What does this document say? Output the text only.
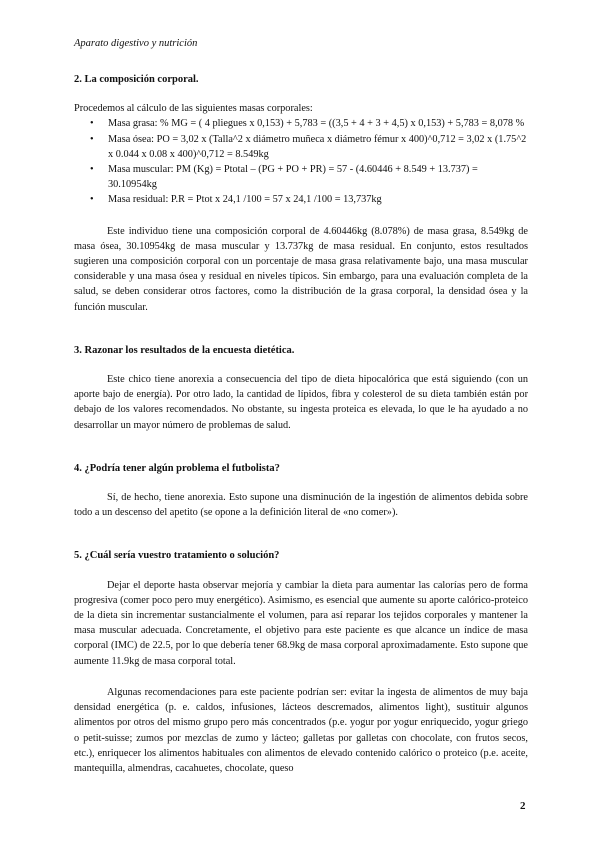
Aparato digestivo y nutrición
2. La composición corporal.

Procedemos al cálculo de las siguientes masas corporales:

• Masa grasa: % MG = ( 4 pliegues x 0,153) + 5,783 = ((3,5 + 4 + 3 + 4,5) x 0,153) + 5,783 = 8,078 %
• Masa ósea: PO = 3,02 x (Talla^2 x diámetro muñeca x diámetro fémur x 400)^0,712 = 3,02 x (1.75^2 x 0.044 x 0.08 x 400)^0,712 = 8.549kg
• Masa muscular: PM (Kg) = Ptotal – (PG + PO + PR) = 57 - (4.60446 + 8.549 + 13.737) = 30.10954kg
• Masa residual: P.R = Ptot x 24,1 /100 = 57 x 24,1 /100 = 13,737kg

Este individuo tiene una composición corporal de 4.60446kg (8.078%) de masa grasa, 8.549kg de masa ósea, 30.10954kg de masa muscular y 13.737kg de masa residual. En conjunto, estos resultados sugieren una composición corporal con un porcentaje de masa grasa relativamente bajo, una masa muscular considerable y una masa ósea y residual en niveles típicos. Sin embargo, para una evaluación completa de la salud, se deben considerar otros factores, como la distribución de la grasa corporal, la densidad ósea y la función muscular.

3. Razonar los resultados de la encuesta dietética.

Este chico tiene anorexia a consecuencia del tipo de dieta hipocalórica que está siguiendo (con un aporte bajo de energía). Por otro lado, la cantidad de lípidos, fibra y colesterol de su dieta también están por debajo de los valores recomendados. No obstante, su ingesta proteica es elevada, lo que le ha ayudado a no desarrollar un mayor número de problemas de salud.

4. ¿Podría tener algún problema el futbolista?

Sí, de hecho, tiene anorexia. Esto supone una disminución de la ingestión de alimentos debida sobre todo a un descenso del apetito (se opone a la definición literal de «no comer»).

5. ¿Cuál sería vuestro tratamiento o solución?

Dejar el deporte hasta observar mejoría y cambiar la dieta para aumentar las calorías pero de forma progresiva (comer poco pero muy energético). Asimismo, es esencial que aumente su aporte calórico-proteico de la dieta sin incrementar sustancialmente el volumen, para así reparar los tejidos corporales y mantener la masa muscular adecuada. Concretamente, el objetivo para este paciente es que alcance un índice de masa corporal (IMC) de 22.5, por lo que debería tener 68.9kg de masa corporal aproximadamente. Esto supone que aumente 11.9kg de masa corporal total.

Algunas recomendaciones para este paciente podrían ser: evitar la ingesta de alimentos de muy baja densidad energética (p. e. caldos, infusiones, lácteos descremados, alimentos light), sustituir algunos alimentos por otros del mismo grupo pero más concentrados (p.e. yogur por yogur enriquecido, yogur griego o petit-suisse; zumos por mezclas de zumo y lácteo; galletas por galletas con chocolate, con frutos secos, etc.), enriquecer los alimentos habituales con alimentos de elevado contenido calórico o proteico (p.e. aceite, mantequilla, almendras, cacahuetes, chocolate, queso

2
